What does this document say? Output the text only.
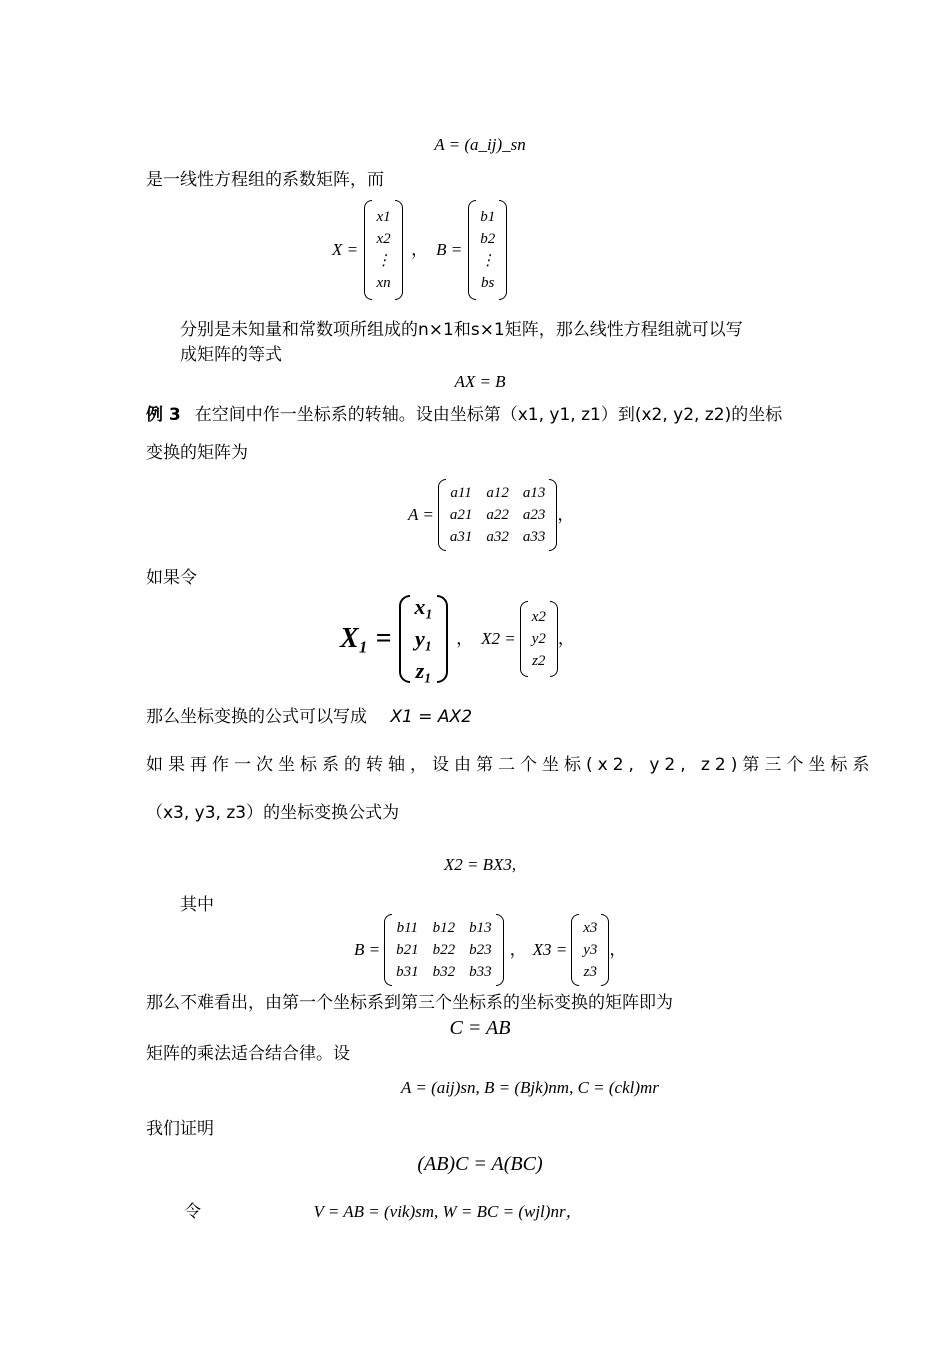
A = (a_ij)_sn
是一线性方程组的系数矩阵，而
X =
x1
x2
⋮
xn
， B =
b1
b2
⋮
bs
分别是未知量和常数项所组成的n×1和s×1矩阵，那么线性方程组就可以写
成矩阵的等式
AX = B
例 3 在空间中作一坐标系的转轴。设由坐标第（x1, y1, z1）到(x2, y2, z2)的坐标
变换的矩阵为
A =
a11 a12 a13
a21 a22 a23
a31 a32 a33
，
如果令
X₁ =
x₁
y₁
z₁
， X2 =
x2
y2
z2
，
那么坐标变换的公式可以写成 X1 = AX2
如果再作一次坐标系的转轴，设由第二个坐标(x2, y2, z2)第三个坐标系
（x3, y3, z3）的坐标变换公式为
X2 = BX3,
其中
B =
b11 b12 b13
b21 b22 b23
b31 b32 b33
， X3 =
x3
y3
z3
，
那么不难看出，由第一个坐标系到第三个坐标系的坐标变换的矩阵即为
C = AB
矩阵的乘法适合结合律。设
A = (aij)sn, B = (Bjk)nm, C = (ckl)mr
我们证明
(AB)C = A(BC)
令	V = AB = (vik)sm, W = BC = (wjl)nr，
